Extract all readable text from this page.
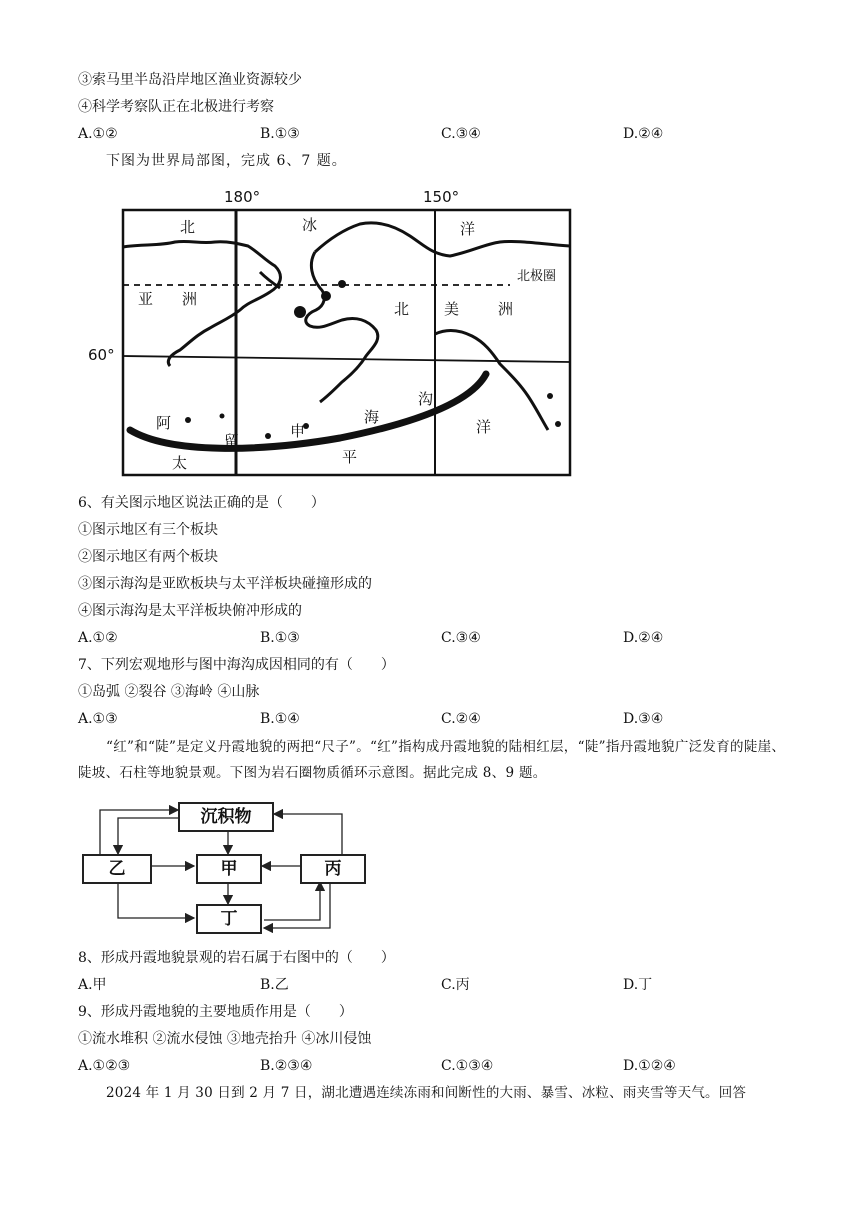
③索马里半岛沿岸地区渔业资源较少
④科学考察队正在北极进行考察
A.①②	B.①③	C.③④	D.②④
下图为世界局部图，完成 6、7 题。
180°	150°
60°
北	冰	洋
北极圈
亚 洲
北 美	洲
阿
留
申
海
沟
洋
太	平
6、有关图示地区说法正确的是（　　）
①图示地区有三个板块
②图示地区有两个板块
③图示海沟是亚欧板块与太平洋板块碰撞形成的
④图示海沟是太平洋板块俯冲形成的
A.①②	B.①③	C.③④	D.②④
7、下列宏观地形与图中海沟成因相同的有（　　）
①岛弧 ②裂谷 ③海岭 ④山脉
A.①③	B.①④	C.②④	D.③④
“红”和“陡”是定义丹霞地貌的两把“尺子”。“红”指构成丹霞地貌的陆相红层，“陡”指丹霞地貌广泛发育的陡崖、陡坡、石柱等地貌景观。下图为岩石圈物质循环示意图。据此完成 8、9 题。
沉积物
乙	甲	丙
丁
8、形成丹霞地貌景观的岩石属于右图中的（　　）
A.甲	B.乙	C.丙	D.丁
9、形成丹霞地貌的主要地质作用是（　　）
①流水堆积 ②流水侵蚀 ③地壳抬升 ④冰川侵蚀
A.①②③	B.②③④	C.①③④	D.①②④
2024 年 1 月 30 日到 2 月 7 日，湖北遭遇连续冻雨和间断性的大雨、暴雪、冰粒、雨夹雪等天气。回答
